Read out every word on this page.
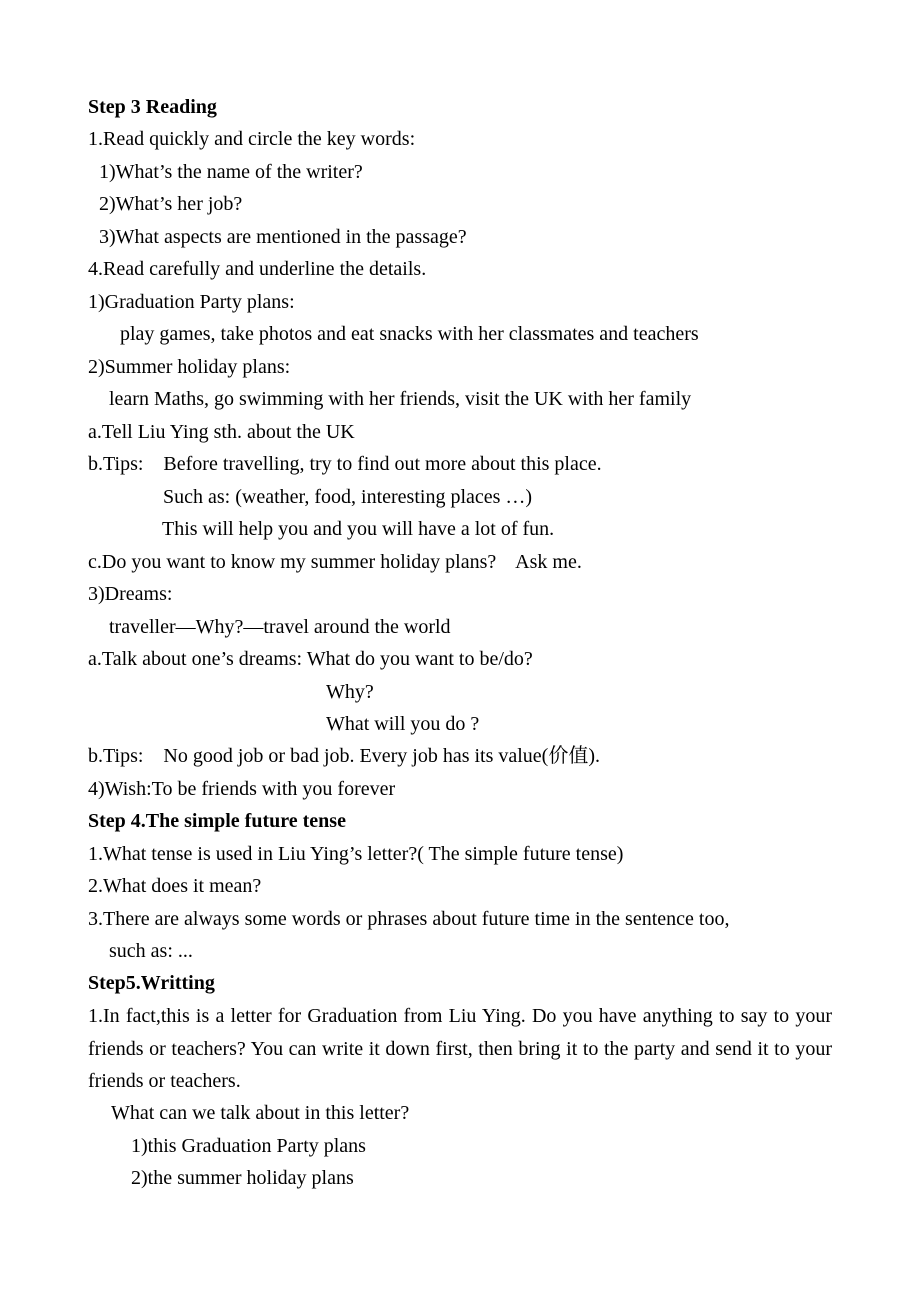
Step 3 Reading
1.Read quickly and circle the key words:
1)What’s the name of the writer?
2)What’s her job?
3)What aspects are mentioned in the passage?
4.Read carefully and underline the details.
1)Graduation Party plans:
play games, take photos and eat snacks with her classmates and teachers
2)Summer holiday plans:
learn Maths, go swimming with her friends, visit the UK with her family
a.Tell Liu Ying sth. about the UK
b.Tips:    Before travelling, try to find out more about this place.
Such as: (weather, food, interesting places …)
This will help you and you will have a lot of fun.
c.Do you want to know my summer holiday plans?    Ask me.
3)Dreams:
traveller—Why?—travel around the world
a.Talk about one’s dreams: What do you want to be/do?
Why?
What will you do ?
b.Tips:    No good job or bad job. Every job has its value(价值).
4)Wish:To be friends with you forever
Step 4.The simple future tense
1.What tense is used in Liu Ying’s letter?( The simple future tense)
2.What does it mean?
3.There are always some words or phrases about future time in the sentence too,
such as: ...
Step5.Writting
1.In fact,this is a letter for Graduation from Liu Ying. Do you have anything to say to your friends or teachers? You can write it down first, then bring it to the party and send it to your friends or teachers.
What can we talk about in this letter?
1)this Graduation Party plans
2)the summer holiday plans
